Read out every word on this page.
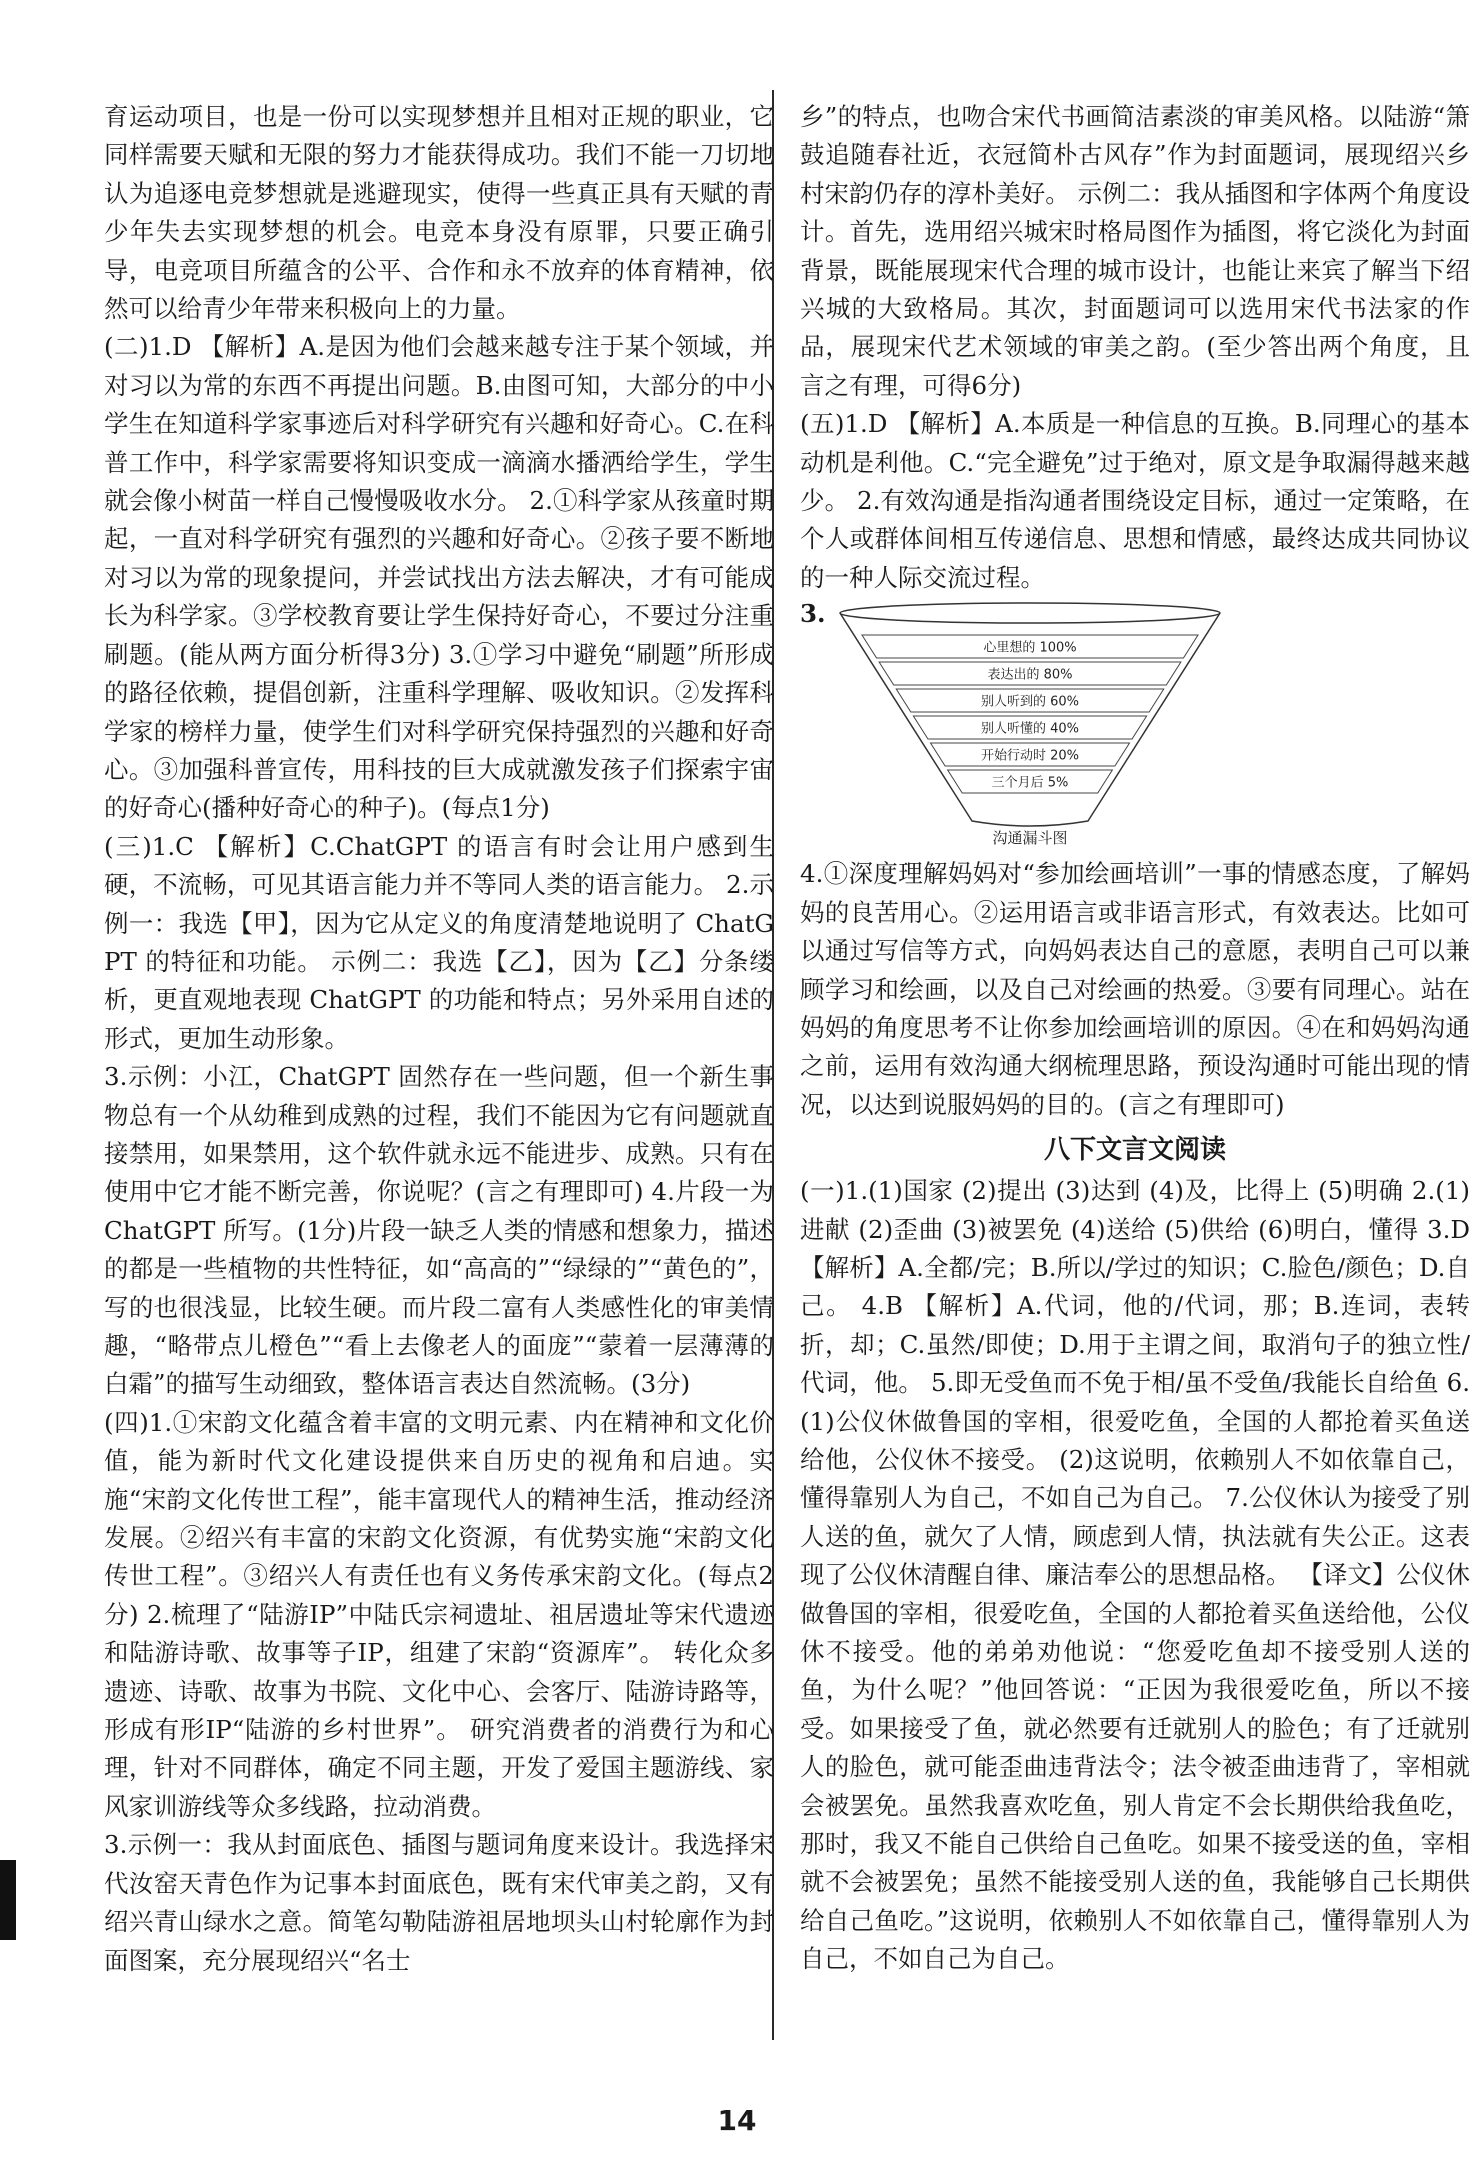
育运动项目，也是一份可以实现梦想并且相对正规的职业，它同样需要天赋和无限的努力才能获得成功。我们不能一刀切地认为追逐电竞梦想就是逃避现实，使得一些真正具有天赋的青少年失去实现梦想的机会。电竞本身没有原罪，只要正确引导，电竞项目所蕴含的公平、合作和永不放弃的体育精神，依然可以给青少年带来积极向上的力量。

(二)1.D 【解析】A.是因为他们会越来越专注于某个领域，并对习以为常的东西不再提出问题。B.由图可知，大部分的中小学生在知道科学家事迹后对科学研究有兴趣和好奇心。C.在科普工作中，科学家需要将知识变成一滴滴水播洒给学生，学生就会像小树苗一样自己慢慢吸收水分。 2.①科学家从孩童时期起，一直对科学研究有强烈的兴趣和好奇心。②孩子要不断地对习以为常的现象提问，并尝试找出方法去解决，才有可能成长为科学家。③学校教育要让学生保持好奇心，不要过分注重刷题。(能从两方面分析得3分) 3.①学习中避免“刷题”所形成的路径依赖，提倡创新，注重科学理解、吸收知识。②发挥科学家的榜样力量，使学生们对科学研究保持强烈的兴趣和好奇心。③加强科普宣传，用科技的巨大成就激发孩子们探索宇宙的好奇心(播种好奇心的种子)。(每点1分)

(三)1.C 【解析】C.ChatGPT 的语言有时会让用户感到生硬，不流畅，可见其语言能力并不等同人类的语言能力。 2.示例一：我选【甲】，因为它从定义的角度清楚地说明了 ChatGPT 的特征和功能。 示例二：我选【乙】，因为【乙】分条缕析，更直观地表现 ChatGPT 的功能和特点；另外采用自述的形式，更加生动形象。

3.示例：小江，ChatGPT 固然存在一些问题，但一个新生事物总有一个从幼稚到成熟的过程，我们不能因为它有问题就直接禁用，如果禁用，这个软件就永远不能进步、成熟。只有在使用中它才能不断完善，你说呢？(言之有理即可) 4.片段一为 ChatGPT 所写。(1分)片段一缺乏人类的情感和想象力，描述的都是一些植物的共性特征，如“高高的”“绿绿的”“黄色的”，写的也很浅显，比较生硬。而片段二富有人类感性化的审美情趣，“略带点儿橙色”“看上去像老人的面庞”“蒙着一层薄薄的白霜”的描写生动细致，整体语言表达自然流畅。(3分)

(四)1.①宋韵文化蕴含着丰富的文明元素、内在精神和文化价值，能为新时代文化建设提供来自历史的视角和启迪。实施“宋韵文化传世工程”，能丰富现代人的精神生活，推动经济发展。②绍兴有丰富的宋韵文化资源，有优势实施“宋韵文化传世工程”。③绍兴人有责任也有义务传承宋韵文化。(每点2分) 2.梳理了“陆游IP”中陆氏宗祠遗址、祖居遗址等宋代遗迹和陆游诗歌、故事等子IP，组建了宋韵“资源库”。 转化众多遗迹、诗歌、故事为书院、文化中心、会客厅、陆游诗路等，形成有形IP“陆游的乡村世界”。 研究消费者的消费行为和心理，针对不同群体，确定不同主题，开发了爱国主题游线、家风家训游线等众多线路，拉动消费。

3.示例一：我从封面底色、插图与题词角度来设计。我选择宋代汝窑天青色作为记事本封面底色，既有宋代审美之韵，又有绍兴青山绿水之意。简笔勾勒陆游祖居地坝头山村轮廓作为封面图案，充分展现绍兴“名士

乡”的特点，也吻合宋代书画简洁素淡的审美风格。以陆游“箫鼓追随春社近，衣冠简朴古风存”作为封面题词，展现绍兴乡村宋韵仍存的淳朴美好。 示例二：我从插图和字体两个角度设计。首先，选用绍兴城宋时格局图作为插图，将它淡化为封面背景，既能展现宋代合理的城市设计，也能让来宾了解当下绍兴城的大致格局。其次，封面题词可以选用宋代书法家的作品，展现宋代艺术领域的审美之韵。(至少答出两个角度，且言之有理，可得6分)

(五)1.D 【解析】A.本质是一种信息的互换。B.同理心的基本动机是利他。C.“完全避免”过于绝对，原文是争取漏得越来越少。 2.有效沟通是指沟通者围绕设定目标，通过一定策略，在个人或群体间相互传递信息、思想和情感，最终达成共同协议的一种人际交流过程。

3.
心里想的 100%
表达出的 80%
别人听到的 60%
别人听懂的 40%
开始行动时 20%
三个月后 5%
沟通漏斗图

4.①深度理解妈妈对“参加绘画培训”一事的情感态度，了解妈妈的良苦用心。②运用语言或非语言形式，有效表达。比如可以通过写信等方式，向妈妈表达自己的意愿，表明自己可以兼顾学习和绘画，以及自己对绘画的热爱。③要有同理心。站在妈妈的角度思考不让你参加绘画培训的原因。④在和妈妈沟通之前，运用有效沟通大纲梳理思路，预设沟通时可能出现的情况，以达到说服妈妈的目的。(言之有理即可)

八下文言文阅读

(一)1.(1)国家 (2)提出 (3)达到 (4)及，比得上 (5)明确 2.(1)进献 (2)歪曲 (3)被罢免 (4)送给 (5)供给 (6)明白，懂得 3.D 【解析】A.全都/完；B.所以/学过的知识；C.脸色/颜色；D.自己。 4.B 【解析】A.代词，他的/代词，那；B.连词，表转折，却；C.虽然/即使；D.用于主谓之间，取消句子的独立性/代词，他。 5.即无受鱼而不免于相/虽不受鱼/我能长自给鱼 6.(1)公仪休做鲁国的宰相，很爱吃鱼，全国的人都抢着买鱼送给他，公仪休不接受。 (2)这说明，依赖别人不如依靠自己，懂得靠别人为自己，不如自己为自己。 7.公仪休认为接受了别人送的鱼，就欠了人情，顾虑到人情，执法就有失公正。这表现了公仪休清醒自律、廉洁奉公的思想品格。 【译文】公仪休做鲁国的宰相，很爱吃鱼，全国的人都抢着买鱼送给他，公仪休不接受。他的弟弟劝他说：“您爱吃鱼却不接受别人送的鱼，为什么呢？”他回答说：“正因为我很爱吃鱼，所以不接受。如果接受了鱼，就必然要有迁就别人的脸色；有了迁就别人的脸色，就可能歪曲违背法令；法令被歪曲违背了，宰相就会被罢免。虽然我喜欢吃鱼，别人肯定不会长期供给我鱼吃，那时，我又不能自己供给自己鱼吃。如果不接受送的鱼，宰相就不会被罢免；虽然不能接受别人送的鱼，我能够自己长期供给自己鱼吃。”这说明，依赖别人不如依靠自己，懂得靠别人为自己，不如自己为自己。

14
